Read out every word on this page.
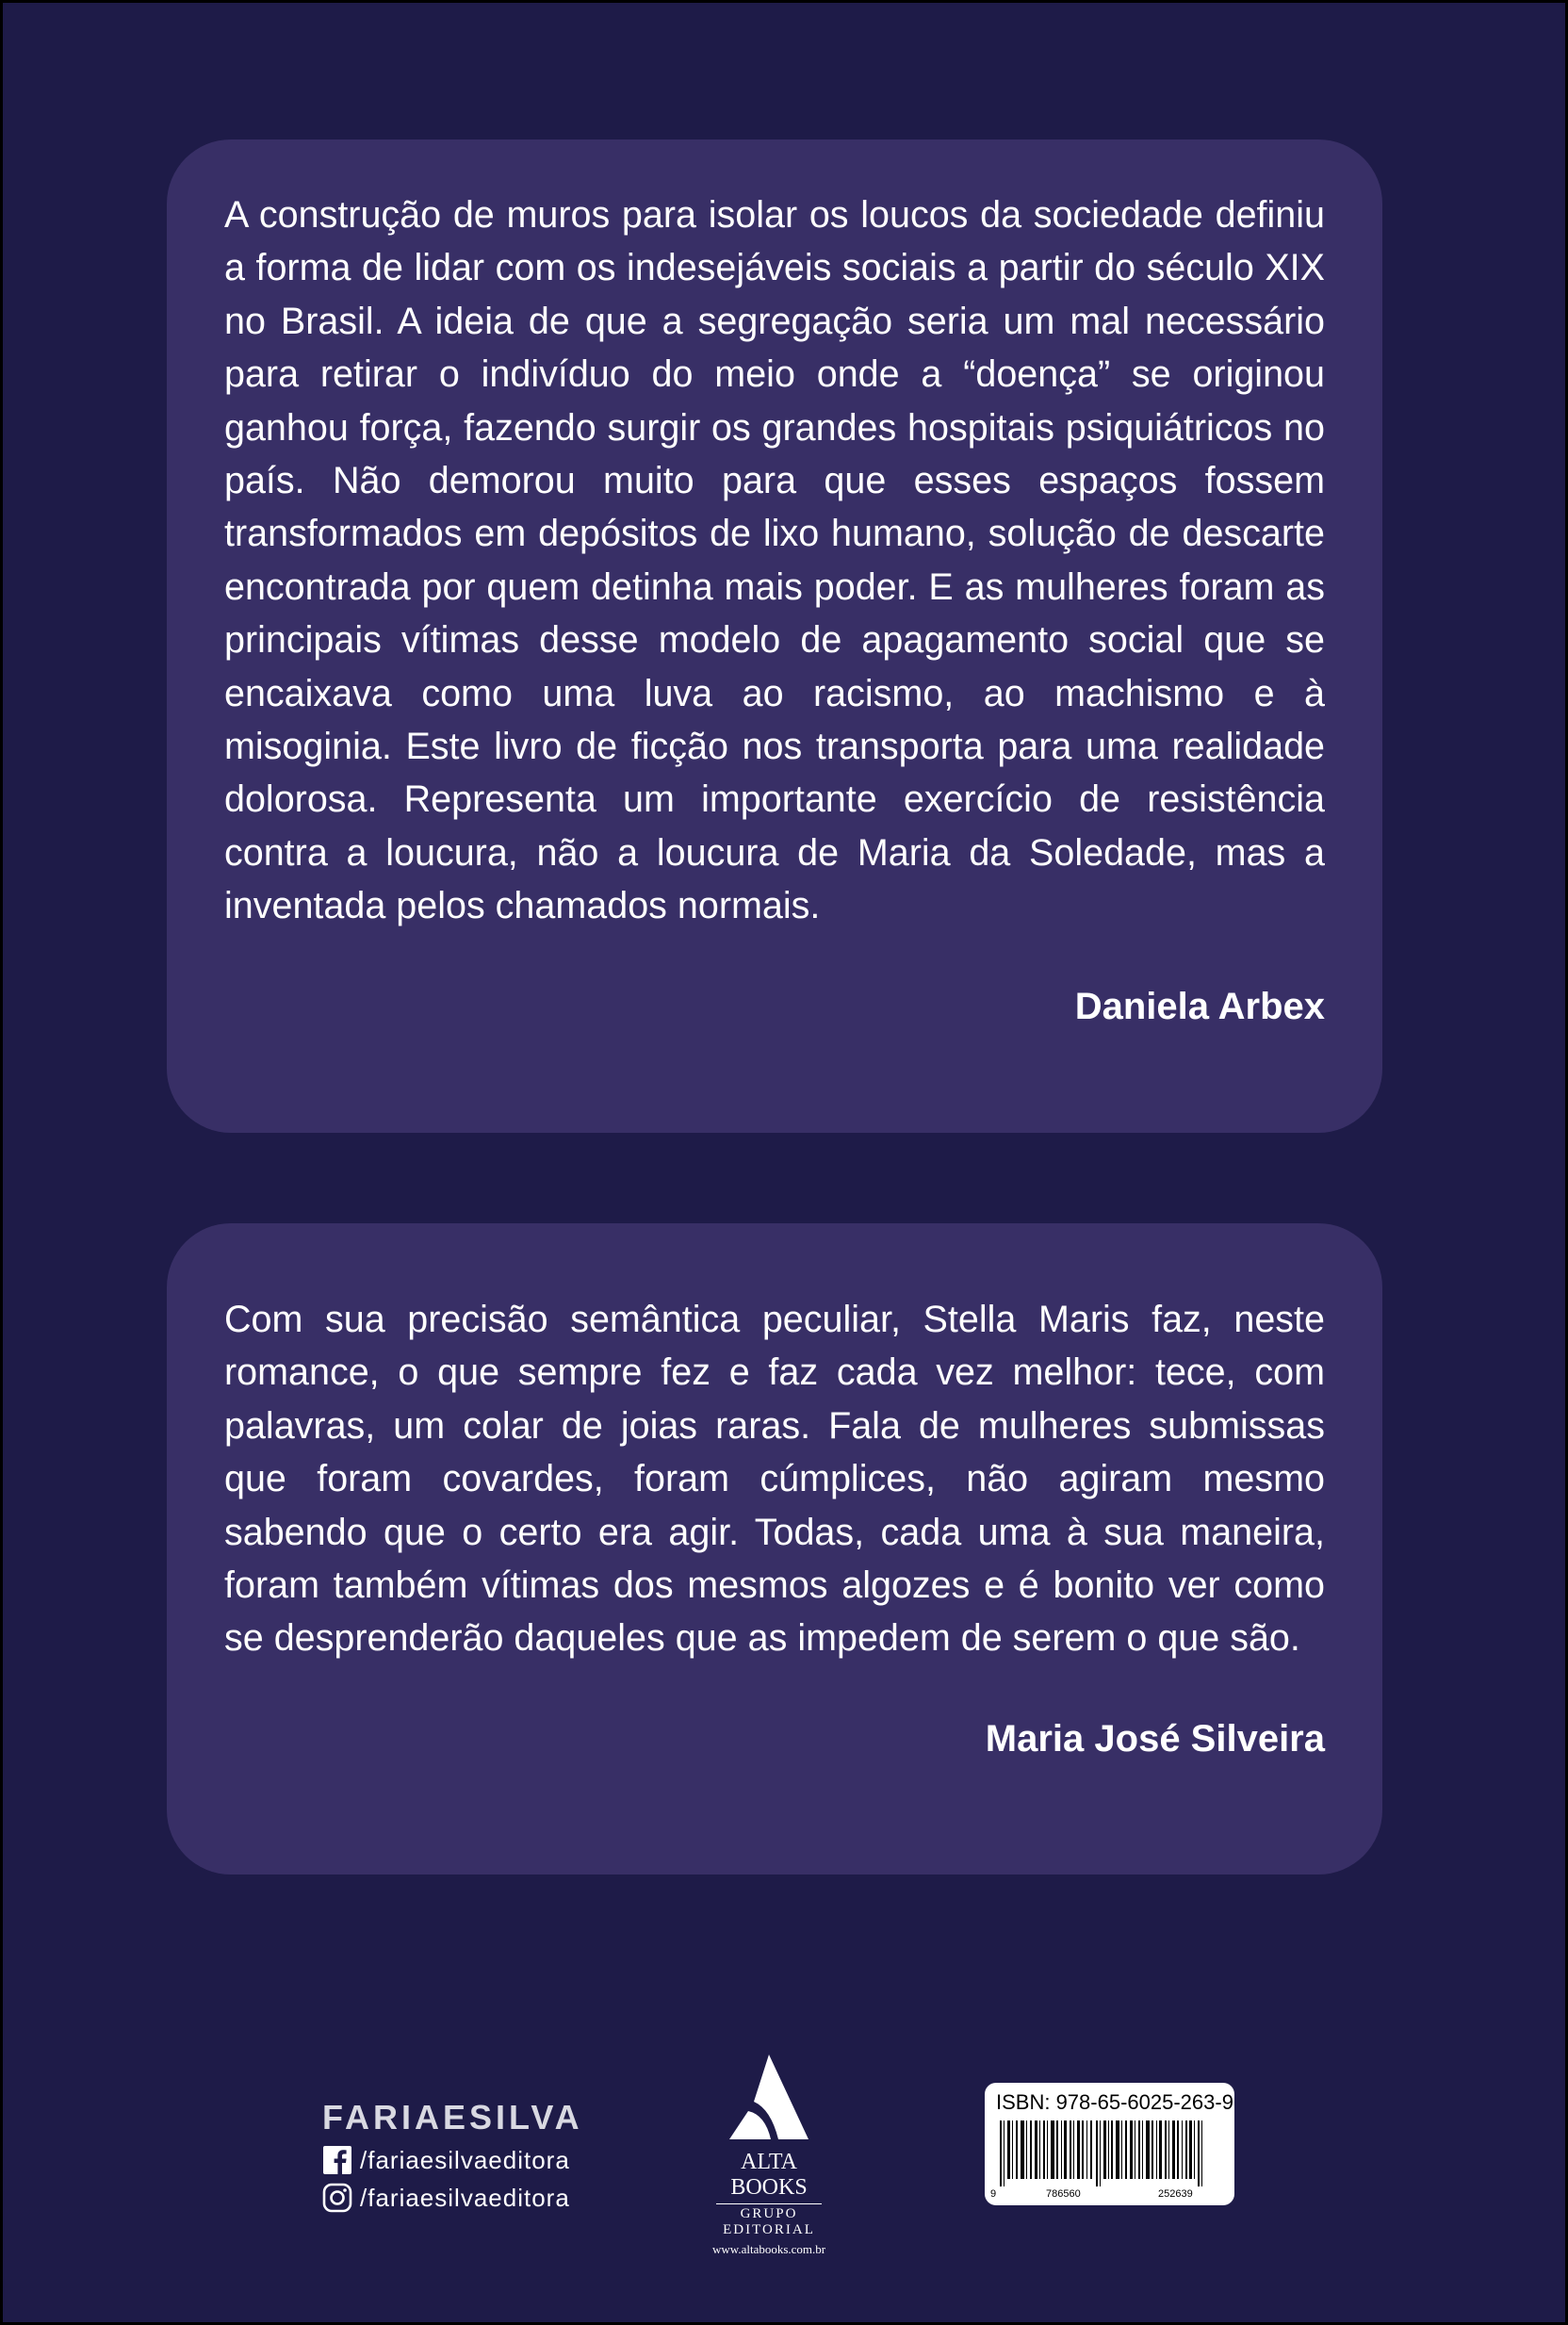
A construção de muros para isolar os loucos da sociedade definiu a forma de lidar com os indesejáveis sociais a partir do século XIX no Brasil. A ideia de que a segregação seria um mal necessário para retirar o indivíduo do meio onde a “doença” se originou ganhou força, fazendo surgir os grandes hospitais psiquiátricos no país. Não demorou muito para que esses espaços fossem transformados em depósitos de lixo humano, solução de descarte encontrada por quem detinha mais poder. E as mulheres foram as principais vítimas desse modelo de apagamento social que se encaixava como uma luva ao racismo, ao machismo e à misoginia. Este livro de ficção nos transporta para uma realidade dolorosa. Representa um importante exercício de resistência contra a loucura, não a loucura de Maria da Soledade, mas a inventada pelos chamados normais.

Daniela Arbex

Com sua precisão semântica peculiar, Stella Maris faz, neste romance, o que sempre fez e faz cada vez melhor: tece, com palavras, um colar de joias raras. Fala de mulheres submissas que foram covardes, foram cúmplices, não agiram mesmo sabendo que o certo era agir. Todas, cada uma à sua maneira, foram também vítimas dos mesmos algozes e é bonito ver como se desprenderão daqueles que as impedem de serem o que são.

Maria José Silveira

FARIAESILVA
/fariaesilvaeditora
/fariaesilvaeditora
ALTA BOOKS
GRUPO EDITORIAL
www.altabooks.com.br
ISBN: 978-65-6025-263-9
9	786560	252639
